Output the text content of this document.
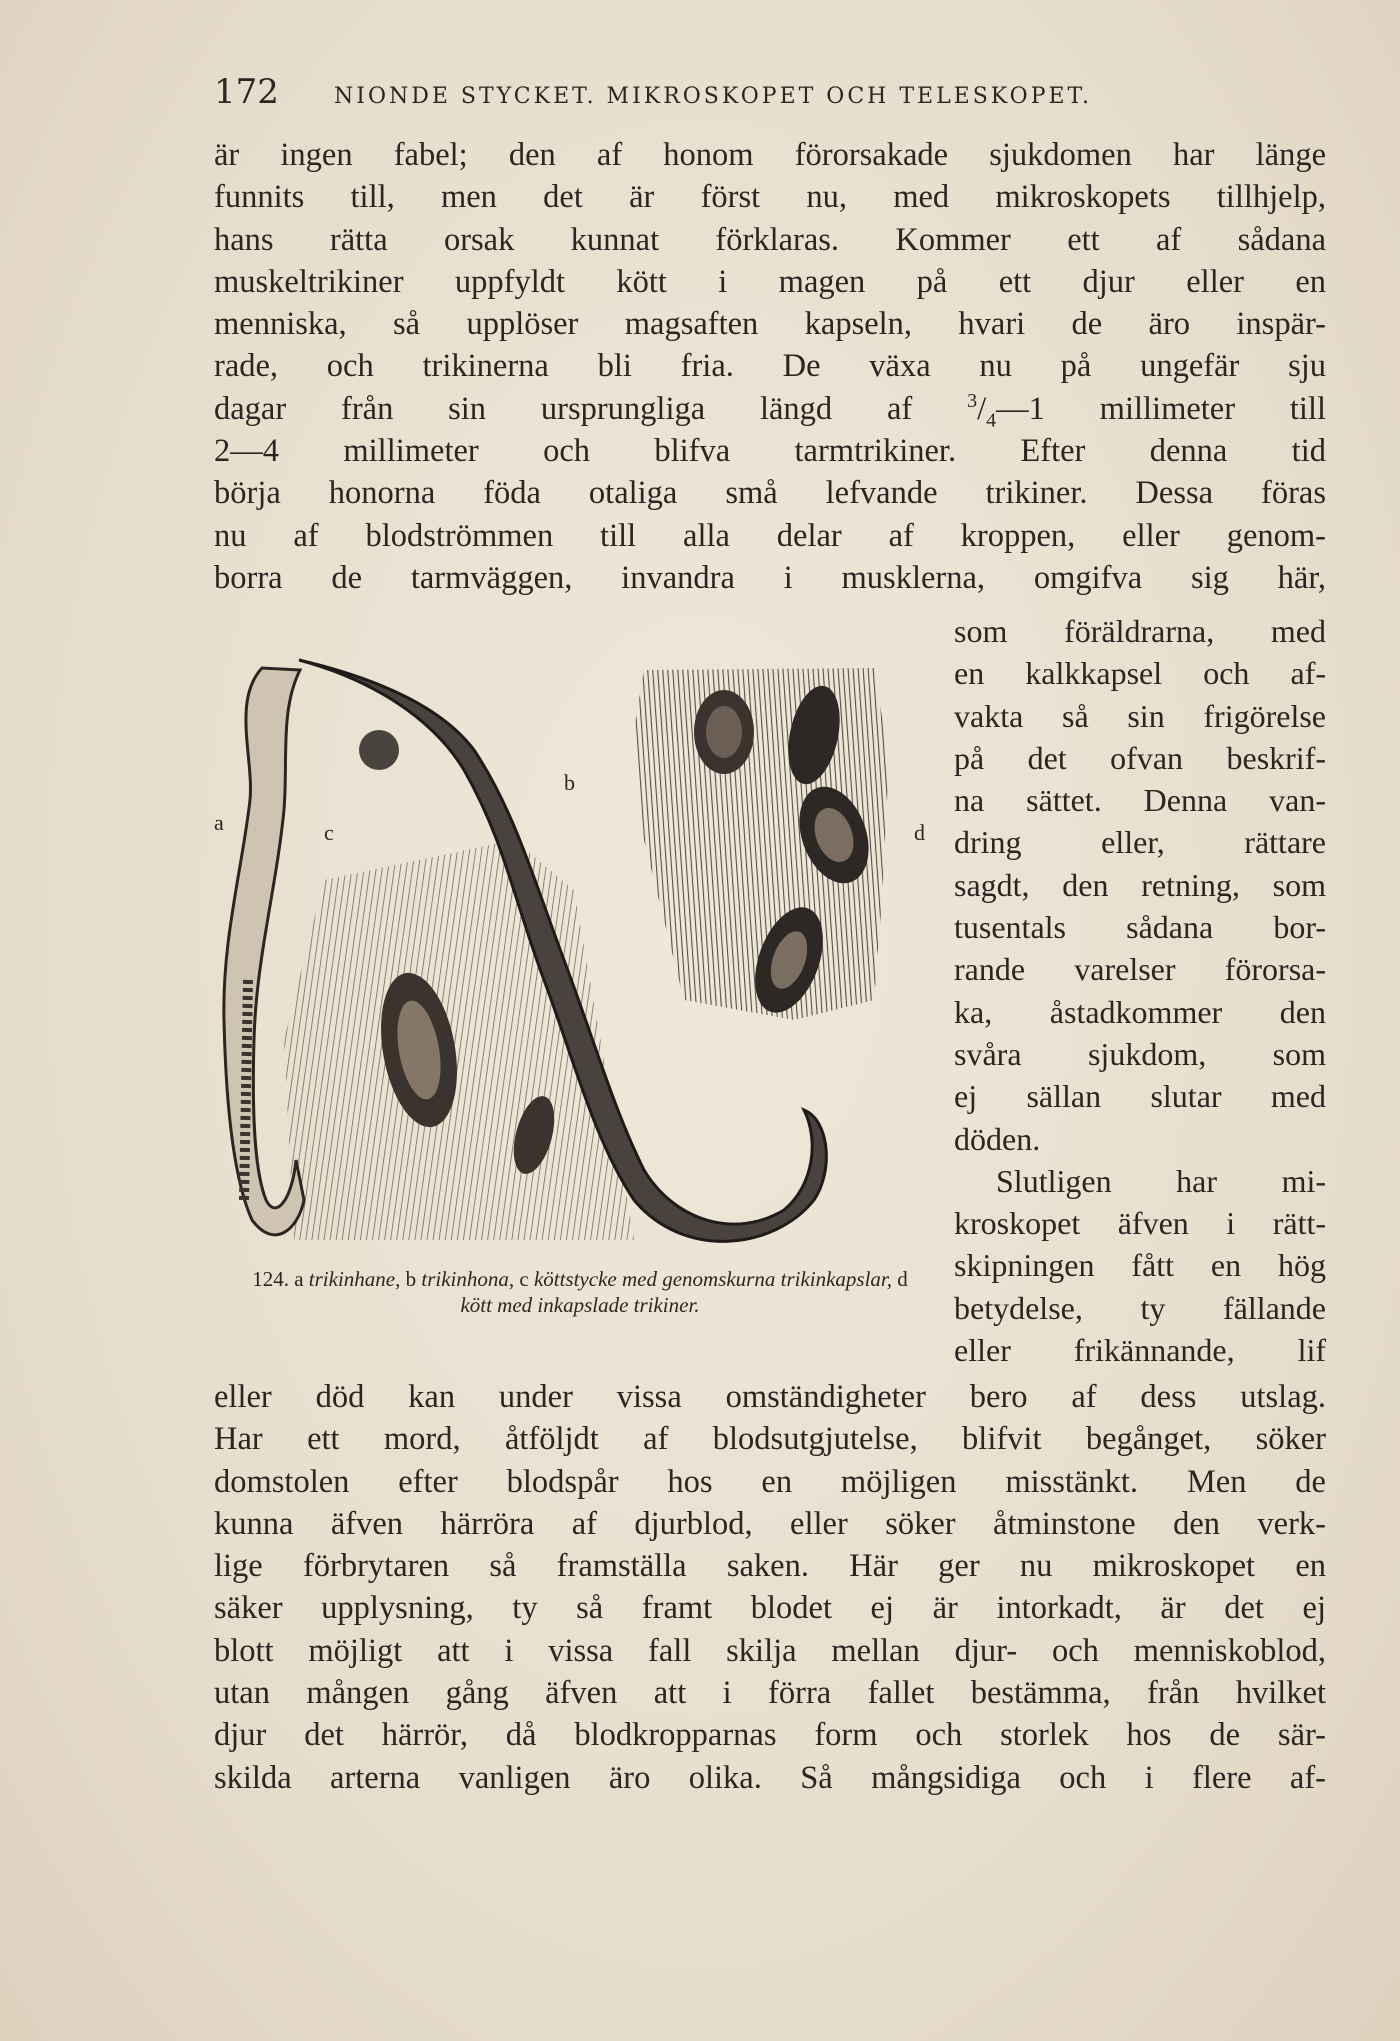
172	NIONDE STYCKET. MIKROSKOPET OCH TELESKOPET.
är ingen fabel; den af honom förorsakade sjukdomen har länge
funnits till, men det är först nu, med mikroskopets tillhjelp,
hans rätta orsak kunnat förklaras. Kommer ett af sådana
muskeltrikiner uppfyldt kött i magen på ett djur eller en
menniska, så upplöser magsaften kapseln, hvari de äro inspär-
rade, och trikinerna bli fria. De växa nu på ungefär sju
dagar från sin ursprungliga längd af $^3/_4—1$ millimeter till
2—4 millimeter och blifva tarmtrikiner. Efter denna tid
börja honorna föda otaliga små lefvande trikiner. Dessa föras
nu af blodströmmen till alla delar af kroppen, eller genom-
borra de tarmväggen, invandra i musklerna, omgifva sig här,
som föräldrarna, med
en kalkkapsel och af-
vakta så sin frigörelse
på det ofvan beskrif-
na sättet. Denna van-
dring eller, rättare
sagdt, den retning, som
tusentals sådana bor-
rande varelser förorsa-
ka, åstadkommer den
svåra sjukdom, som
ej sällan slutar med
döden.
Slutligen har mi-
kroskopet äfven i rätt-
skipningen fått en hög
betydelse, ty fällande
eller frikännande, lif
a
b
c	d
124. a trikinhane, b trikinhona, c köttstycke med genomskurna trikinkapslar, d kött med inkapslade trikiner.
eller död kan under vissa omständigheter bero af dess utslag.
Har ett mord, åtföljdt af blodsutgjutelse, blifvit begånget, söker
domstolen efter blodspår hos en möjligen misstänkt. Men de
kunna äfven härröra af djurblod, eller söker åtminstone den verk-
lige förbrytaren så framställa saken. Här ger nu mikroskopet en
säker upplysning, ty så framt blodet ej är intorkadt, är det ej
blott möjligt att i vissa fall skilja mellan djur- och menniskoblod,
utan mången gång äfven att i förra fallet bestämma, från hvilket
djur det härrör, då blodkropparnas form och storlek hos de sär-
skilda arterna vanligen äro olika. Så mångsidiga och i flere af-
